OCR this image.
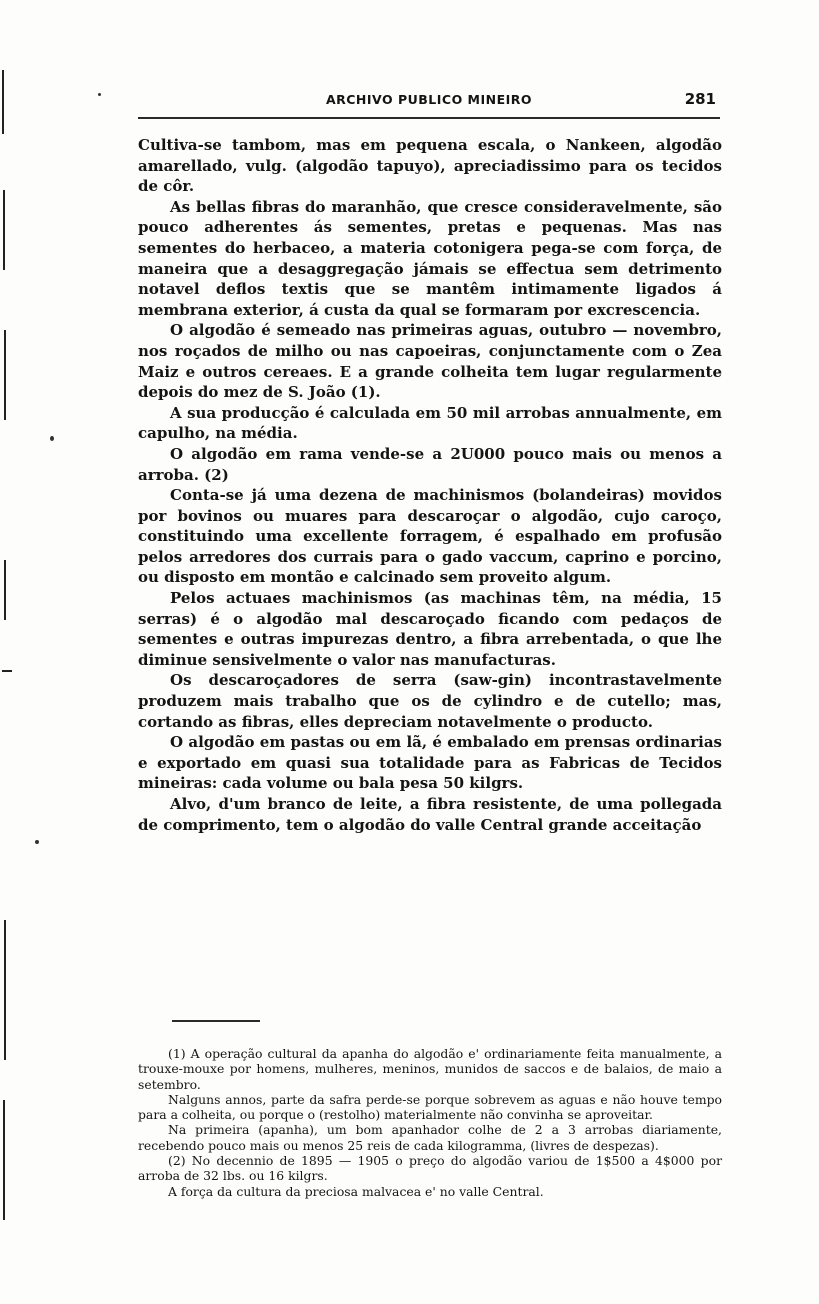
ARCHIVO PUBLICO MINEIRO	281

Cultiva-se tambom, mas em pequena escala, o Nankeen, algodão amarellado, vulg. (algodão tapuyo), apreciadissimo para os tecidos de côr.

As bellas fibras do maranhão, que cresce consideravelmente, são pouco adherentes ás sementes, pretas e pequenas. Mas nas sementes do herbaceo, a materia cotonigera pega-se com força, de maneira que a desaggregação jámais se effectua sem detrimento notavel deflos textis que se mantêm intimamente ligados á membrana exterior, á custa da qual se formaram por excrescencia.

O algodão é semeado nas primeiras aguas, outubro — novembro, nos roçados de milho ou nas capoeiras, conjunctamente com o Zea Maiz e outros cereaes. E a grande colheita tem lugar regularmente depois do mez de S. João (1).

A sua producção é calculada em 50 mil arrobas annualmente, em capulho, na média.

O algodão em rama vende-se a 2U000 pouco mais ou menos a arroba. (2)

Conta-se já uma dezena de machinismos (bolandeiras) movidos por bovinos ou muares para descaroçar o algodão, cujo caroço, constituindo uma excellente forragem, é espalhado em profusão pelos arredores dos currais para o gado vaccum, caprino e porcino, ou disposto em montão e calcinado sem proveito algum.

Pelos actuaes machinismos (as machinas têm, na média, 15 serras) é o algodão mal descaroçado ficando com pedaços de sementes e outras impurezas dentro, a fibra arrebentada, o que lhe diminue sensivelmente o valor nas manufacturas.

Os descaroçadores de serra (saw-gin) incontrastavelmente produzem mais trabalho que os de cylindro e de cutello; mas, cortando as fibras, elles depreciam notavelmente o producto.

O algodão em pastas ou em lã, é embalado em prensas ordinarias e exportado em quasi sua totalidade para as Fabricas de Tecidos mineiras: cada volume ou bala pesa 50 kilgrs.

Alvo, d'um branco de leite, a fibra resistente, de uma pollegada de comprimento, tem o algodão do valle Central grande acceitação

(1) A operação cultural da apanha do algodão e' ordinariamente feita manualmente, a trouxe-mouxe por homens, mulheres, meninos, munidos de saccos e de balaios, de maio a setembro.

Nalguns annos, parte da safra perde-se porque sobrevem as aguas e não houve tempo para a colheita, ou porque o (restolho) materialmente não convinha se aproveitar.

Na primeira (apanha), um bom apanhador colhe de 2 a 3 arrobas diariamente, recebendo pouco mais ou menos 25 reis de cada kilogramma, (livres de despezas).

(2) No decennio de 1895 — 1905 o preço do algodão variou de 1$500 a 4$000 por arroba de 32 lbs. ou 16 kilgrs.

A força da cultura da preciosa malvacea e' no valle Central.
